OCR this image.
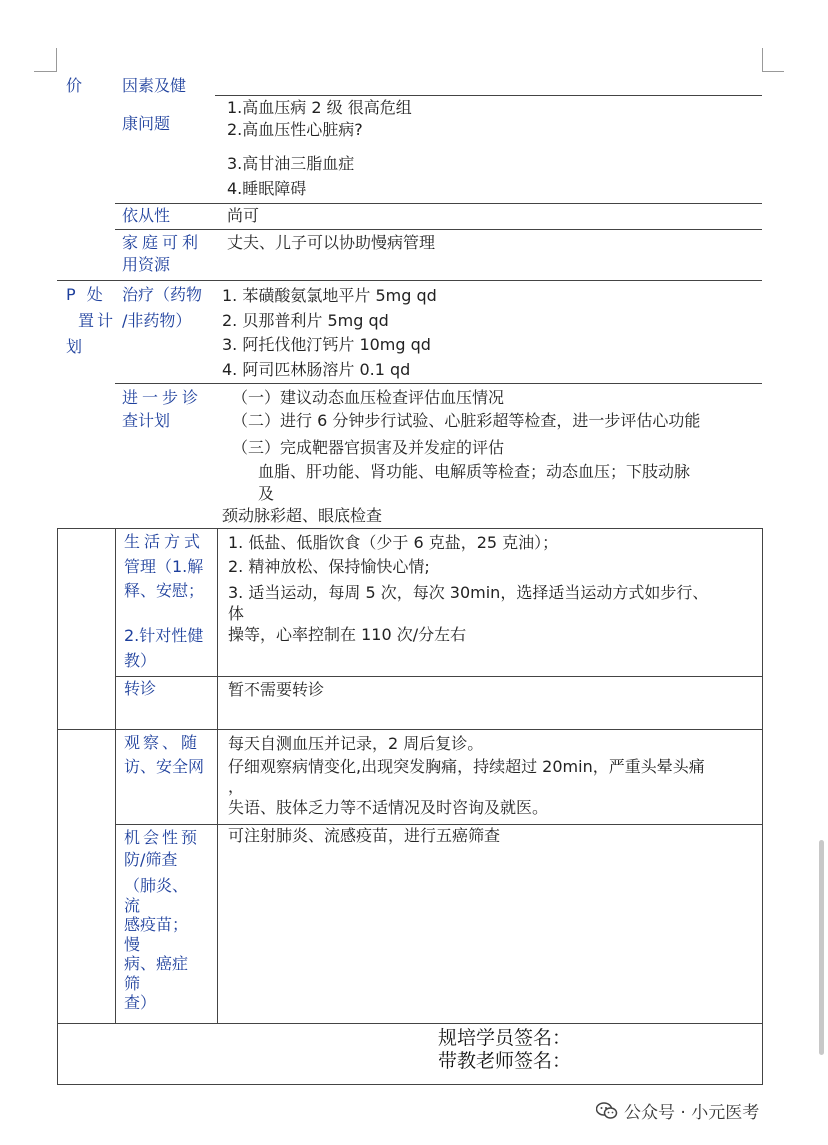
价 因素及健
康问题
1.高血压病 2 级 很高危组
2.高血压性心脏病?
3.高甘油三脂血症
4.睡眠障碍
依从性	尚可
家庭可利
用资源
丈夫、儿子可以协助慢病管理
P 处
置计
划
治疗（药物
/非药物）
1. 苯磺酸氨氯地平片 5mg qd
2. 贝那普利片 5mg qd
3. 阿托伐他汀钙片 10mg qd
4. 阿司匹林肠溶片 0.1 qd
进一步诊
查计划
（一）建议动态血压检查评估血压情况
（二）进行 6 分钟步行试验、心脏彩超等检查，进一步评估心功能
（三）完成靶器官损害及并发症的评估
血脂、肝功能、肾功能、电解质等检查；动态血压；下肢动脉
及
颈动脉彩超、眼底检查
生活方式
管理（1.解
释、安慰；
2.针对性健
教）
1. 低盐、低脂饮食（少于 6 克盐，25 克油）；
2. 精神放松、保持愉快心情;
3. 适当运动，每周 5 次，每次 30min，选择适当运动方式如步行、
体
操等，心率控制在 110 次/分左右
转诊	暂不需要转诊
观察、随
访、安全网
每天自测血压并记录，2 周后复诊。
仔细观察病情变化,出现突发胸痛，持续超过 20min，严重头晕头痛
，
失语、肢体乏力等不适情况及时咨询及就医。
机会性预
防/筛查
（肺炎、
流
感疫苗；
慢
病、癌症
筛
查）
可注射肺炎、流感疫苗，进行五癌筛查
规培学员签名：
带教老师签名：
公众号 · 小元医考
